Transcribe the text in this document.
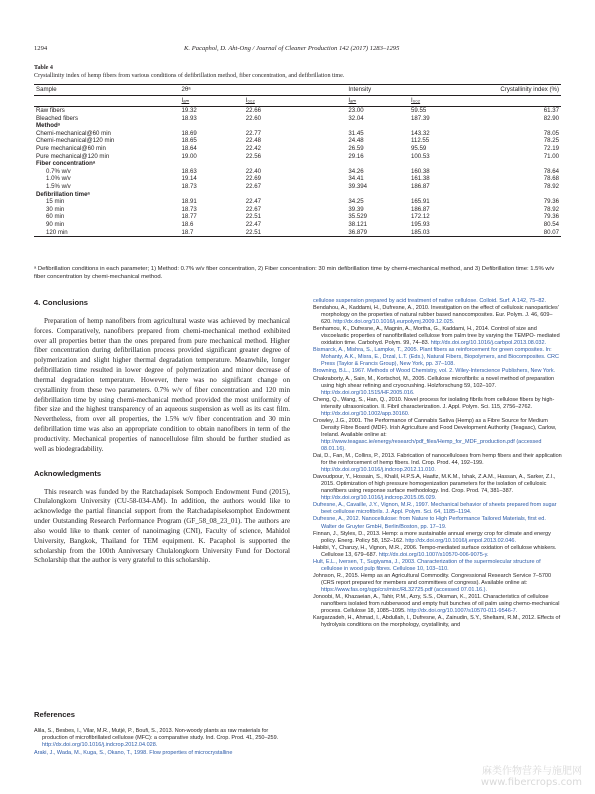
1294	K. Pacaphol, D. Aht-Ong / Journal of Cleaner Production 142 (2017) 1283–1295
Table 4
Crystallinity index of hemp fibers from various conditions of defibrillation method, fiber concentration, and defibrillation time.
Sample	2θᵃ		Intensity		Crystallinity index (%)
	Iₐₘ	I₀₀₂	Iₐₘ	I₀₀₂	
Raw fibers	19.32	22.66	23.00	59.55	61.37
Bleached fibers	18.93	22.60	32.04	187.39	82.90
Methodᵃ					
Chemi-mechanical@60 min	18.69	22.77	31.45	143.32	78.05
Chemi-mechanical@120 min	18.65	22.48	24.48	112.55	78.25
Pure mechanical@60 min	18.64	22.42	26.59	95.59	72.19
Pure mechanical@120 min	19.00	22.56	29.16	100.53	71.00
Fiber concentrationᵃ					
0.7% w/v	18.63	22.40	34.26	160.38	78.64
1.0% w/v	19.14	22.69	34.41	161.38	78.68
1.5% w/v	18.73	22.67	39.394	186.87	78.92
Defibrillation timeᵃ					
15 min	18.91	22.47	34.25	165.91	79.36
30 min	18.73	22.67	39.39	186.87	78.92
60 min	18.77	22.51	35.529	172.12	79.36
90 min	18.6	22.47	38.121	195.93	80.54
120 min	18.7	22.51	36.879	185.03	80.07
ᵃ Defibrillation conditions in each parameter; 1) Method: 0.7% w/v fiber concentration, 2) Fiber concentration: 30 min defibrillation time by chemi-mechanical method, and 3) Defibrillation time: 1.5% w/v fiber concentration by chemi-mechanical method.
4. Conclusions

Preparation of hemp nanofibers from agricultural waste was achieved by mechanical forces. Comparatively, nanofibers prepared from chemi-mechanical method exhibited over all properties better than the ones prepared from pure mechanical method. Higher fiber concentration during defibrillation process provided significant greater degree of polymerization and slight higher thermal degradation temperature. Meanwhile, longer defibrillation time resulted in lower degree of polymerization and minor decrease of thermal degradation temperature. However, there was no significant change on crystallinity from these two parameters. 0.7% w/v of fiber concentration and 120 min defibrillation time by using chemi-mechanical method provided the most uniformity of fiber size and the highest transparency of an aqueous suspension as well as its cast film. Nevertheless, from over all properties, the 1.5% w/v fiber concentration and 30 min defibrillation time was also an appropriate condition to obtain nanofibers in term of the productivity. Mechanical properties of nanocellulose film should be further studied as well as biodegradability.

Acknowledgments

This research was funded by the Ratchadapisek Sompoch Endowment Fund (2015), Chulalongkorn University (CU-58-034-AM). In addition, the authors would like to acknowledge the partial financial support from the Ratchadapiseksomphot Endowment under Outstanding Research Performance Program (GF_58_08_23_01). The authors are also would like to thank center of nanoimaging (CNI), Faculty of science, Mahidol University, Bangkok, Thailand for TEM equipment. K. Pacaphol is supported the scholarship from the 100th Anniversary Chulalongkorn University Fund for Doctoral Scholarship that the author is very grateful to this scholarship.

References
Alila, S., Besbes, I., Vilar, M.R., Mutjé, P., Boufi, S., 2013. Non-woody plants as raw materials for production of microfibrillated cellulose (MFC): a comparative study. Ind. Crop. Prod. 41, 250–259. http://dx.doi.org/10.1016/j.indcrop.2012.04.028.
Araki, J., Wada, M., Kuga, S., Okano, T., 1998. Flow properties of microcrystalline
cellulose suspension prepared by acid treatment of native cellulose. Colloid. Surf. A 142, 75–82.
Bendahou, A., Kaddami, H., Dufresne, A., 2010. Investigation on the effect of cellulosic nanoparticles' morphology on the properties of natural rubber based nanocomposites. Eur. Polym. J. 46, 609–620. http://dx.doi.org/10.1016/j.eurpolymj.2009.12.025.
Benhamou, K., Dufresne, A., Magnin, A., Mortha, G., Kaddami, H., 2014. Control of size and viscoelastic properties of nanofibrillated cellulose from palm tree by varying the TEMPO- mediated oxidation time. Carbohyd. Polym. 99, 74–83. http://dx.doi.org/10.1016/j.carbpol.2013.08.032.
Bismarck, A., Mishra, S., Lampke, T., 2005. Plant fibers as reinforcement for green composites. In: Mohanty, A.K., Misra, E., Drzal, L.T. (Eds.), Natural Fibers, Biopolymers, and Biocomposites. CRC Press (Taylor & Francis Group), New York, pp. 37–108.
Browning, B.L., 1967. Methods of Wood Chemistry, vol. 2. Wiley-Interscience Publishers, New York.
Chakraborty, A., Sain, M., Kortschot, M., 2005. Cellulose microfibrils: a novel method of preparation using high shear refining and cryocrushing. Holzforschung 59, 102–107. http://dx.doi.org/10.1515/HF.2005.016.
Cheng, Q., Wang, S., Han, Q., 2010. Novel process for isolating fibrils from cellulose fibers by high-intensity ultrasonication. II. Fibril characterization. J. Appl. Polym. Sci. 115, 2756–2762. http://dx.doi.org/10.1002/app.30160.
Crowley, J.G., 2001. The Performance of Cannabis Sativa (Hemp) as a Fibre Source for Medium Density Fibre Board (MDF). Irish Agriculture and Food Development Authority (Teagasc), Carlow, Ireland. Available online at: http://www.teagasc.ie/energy/research/pdf_files/Hemp_for_MDF_production.pdf (accessed 08.01.16).
Dai, D., Fan, M., Collins, P., 2013. Fabrication of nanocelluloses from hemp fibers and their application for the reinforcement of hemp fibers. Ind. Crop. Prod. 44, 192–199. http://dx.doi.org/10.1016/j.indcrop.2012.11.010.
Davoudpour, Y., Hossain, S., Khalil, H.P.S.A, Haafiz, M.K.M., Ishak, Z.A.M., Hassan, A., Sarker, Z.I., 2015. Optimization of high pressure homogenization parameters for the isolation of cellulosic nanofibers using response surface methodology. Ind. Crop. Prod. 74, 381–387. http://dx.doi.org/10.1016/j.indcrop.2015.05.029.
Dufresne, A., Cavaille, J.Y., Vignon, M.R., 1997. Mechanical behavior of sheets prepared from sugar beet cellulose microfibrils. J. Appl. Polym. Sci. 64, 1185–1194.
Dufresne, A., 2012. Nanocellulose: from Nature to High Performance Tailored Materials, first ed. Walter de Gruyter GmbH, Berlin/Boston, pp. 17–19.
Finnan, J., Styles, D., 2013. Hemp: a more sustainable annual energy crop for climate and energy policy. Energ. Policy 58, 152–162. http://dx.doi.org/10.1016/j.enpol.2013.02.046.
Habibi, Y., Chanzy, H., Vignon, M.R., 2006. Tempo-mediated surface oxidation of cellulose whiskers. Cellulose 13, 679–687. http://dx.doi.org/10.1007/s10570-006-9075-y.
Hult, E.L., Iversen, T., Sugiyama, J., 2003. Characterization of the supermolecular structure of cellulose in wood pulp fibres. Cellulose 10, 103–110.
Johnson, R., 2015. Hemp as an Agricultural Commodity. Congressional Research Service 7–5700 (CRS report prepared for members and committees of congress). Available online at: https://www.fas.org/sgp/crs/misc/RL32725.pdf (accessed 07.01.16.).
Jonoobi, M., Khazaeian, A., Tahir, P.M., Azry, S.S., Oksman, K., 2011. Characteristics of cellulose nanofibers isolated from rubberwood and empty fruit bunches of oil palm using chemo-mechanical process. Cellulose 18, 1085–1095. http://dx.doi.org/10.1007/s10570-011-9546-7.
Kargarzadeh, H., Ahmad, I., Abdullah, I., Dufresne, A., Zainudin, S.Y., Sheltami, R.M., 2012. Effects of hydrolysis conditions on the morphology, crystallinity, and
麻类作物营养与施肥网
www.fibercrops.com
